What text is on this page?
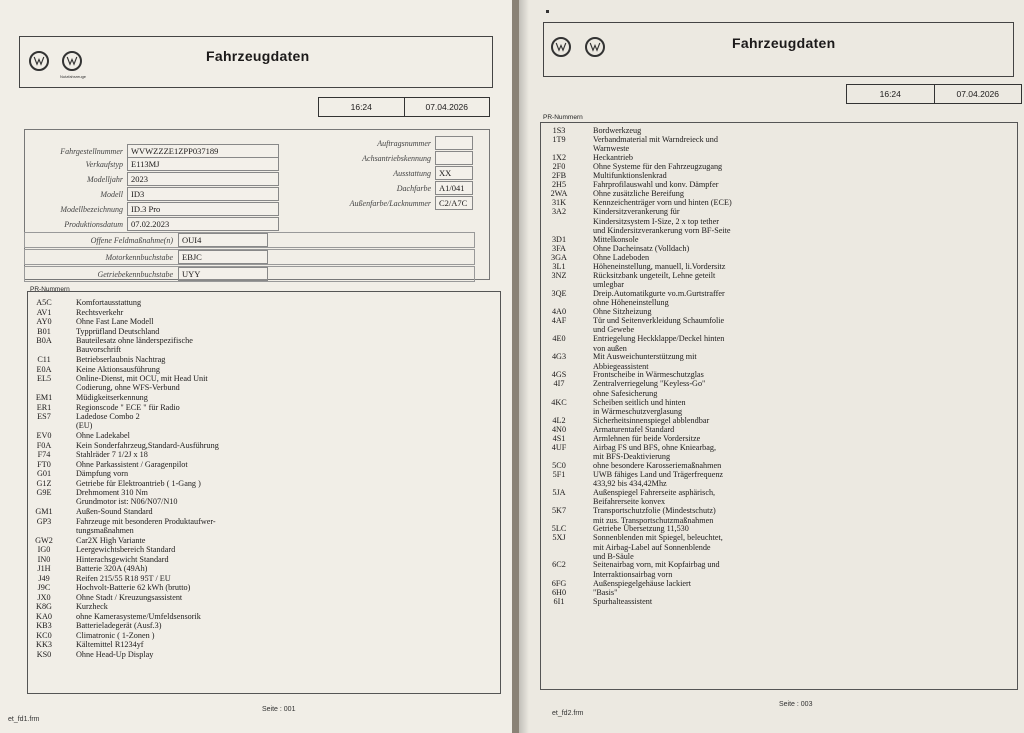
Nutzfahrzeuge
Fahrzeugdaten
16:24	07.04.2026
Fahrgestellnummer WVWZZZE1ZPP037189
Verkaufstyp E113MJ
Modelljahr 2023
Modell ID3
Modellbezeichnung ID.3 Pro
Produktionsdatum 07.02.2023
Auftragsnummer
Achsantriebskennung
Ausstattung XX
Dachfarbe A1/041
Außenfarbe/Lacknummer C2/A7C
Offene Feldmaßnahme(n)	OUI4
Motorkennbuchstabe	EBJC
Getriebekennbuchstabe	UYY
PR-Nummern
A5C	Komfortausstattung
AV1	Rechtsverkehr
AY0	Ohne Fast Lane Modell
B01	Typprüfland Deutschland
B0A	Bauteilesatz ohne länderspezifische
Bauvorschrift
C11	Betriebserlaubnis Nachtrag
E0A	Keine Aktionsausführung
EL5	Online-Dienst, mit OCU, mit Head Unit
Codierung, ohne WFS-Verbund
EM1	Müdigkeitserkennung
ER1	Regionscode " ECE " für Radio
ES7	Ladedose Combo 2
(EU)
EV0	Ohne Ladekabel
F0A	Kein Sonderfahrzeug,Standard-Ausführung
F74	Stahlräder 7 1/2J x 18
FT0	Ohne Parkassistent / Garagenpilot
G01	Dämpfung vorn
G1Z	Getriebe für Elektroantrieb ( 1-Gang )
G9E	Drehmoment 310 Nm
Grundmotor ist: N06/N07/N10
GM1	Außen-Sound Standard
GP3	Fahrzeuge mit besonderen Produktaufwer-
tungsmaßnahmen
GW2	Car2X High Variante
IG0	Leergewichtsbereich Standard
IN0	Hinterachsgewicht Standard
J1H	Batterie 320A (49Ah)
J49	Reifen 215/55 R18 95T / EU
J9C	Hochvolt-Batterie 62 kWh (brutto)
JX0	Ohne Stadt / Kreuzungsassistent
K8G	Kurzheck
KA0	ohne Kamerasysteme/Umfeldsensorik
KB3	Batterieladegerät (Ausf.3)
KC0	Climatronic ( 1-Zonen )
KK3	Kältemittel R1234yf
KS0	Ohne Head-Up Display
et_fd1.frm
Seite : 001
Fahrzeugdaten
16:24	07.04.2026
PR-Nummern
1S3	Bordwerkzeug
1T9	Verbandmaterial mit Warndreieck und
Warnweste
1X2	Heckantrieb
2F0	Ohne Systeme für den Fahrzeugzugang
2FB	Multifunktionslenkrad
2H5	Fahrprofilauswahl und konv. Dämpfer
2WA	Ohne zusätzliche Bereifung
31K	Kennzeichenträger vorn und hinten (ECE)
3A2	Kindersitzverankerung für
Kindersitzsystem I-Size, 2 x top tether
und Kindersitzverankerung vorn BF-Seite
3D1	Mittelkonsole
3FA	Ohne Dacheinsatz (Volldach)
3GA	Ohne Ladeboden
3L1	Höheneinstellung, manuell, li.Vordersitz
3NZ	Rücksitzbank ungeteilt, Lehne geteilt
umlegbar
3QE	Dreip.Automatikgurte vo.m.Gurtstraffer
ohne Höheneinstellung
4A0	Ohne Sitzheizung
4AF	Tür und Seitenverkleidung Schaumfolie
und Gewebe
4E0	Entriegelung Heckklappe/Deckel hinten
von außen
4G3	Mit Ausweichunterstützung mit
Abbiegeassistent
4GS	Frontscheibe in Wärmeschutzglas
4I7	Zentralverriegelung "Keyless-Go"
ohne Safesicherung
4KC	Scheiben seitlich und hinten
in Wärmeschutzverglasung
4L2	Sicherheitsinnenspiegel abblendbar
4N0	Armaturentafel Standard
4S1	Armlehnen für beide Vordersitze
4UF	Airbag FS und BFS, ohne Kniearbag,
mit BFS-Deaktivierung
5C0	ohne besondere Karosseriemaßnahmen
5F1	UWB fähiges Land und Trägerfrequenz
433,92 bis 434,42Mhz
5JA	Außenspiegel Fahrerseite asphärisch,
Beifahrerseite konvex
5K7	Transportschutzfolie (Mindestschutz)
mit zus. Transportschutzmaßnahmen
5LC	Getriebe Übersetzung 11,530
5XJ	Sonnenblenden mit Spiegel, beleuchtet,
mit Airbag-Label auf Sonnenblende
und B-Säule
6C2	Seitenairbag vorn, mit Kopfairbag und
Interraktionsairbag vorn
6FG	Außenspiegelgehäuse lackiert
6H0	"Basis"
6I1	Spurhalteassistent
et_fd2.frm
Seite : 003
